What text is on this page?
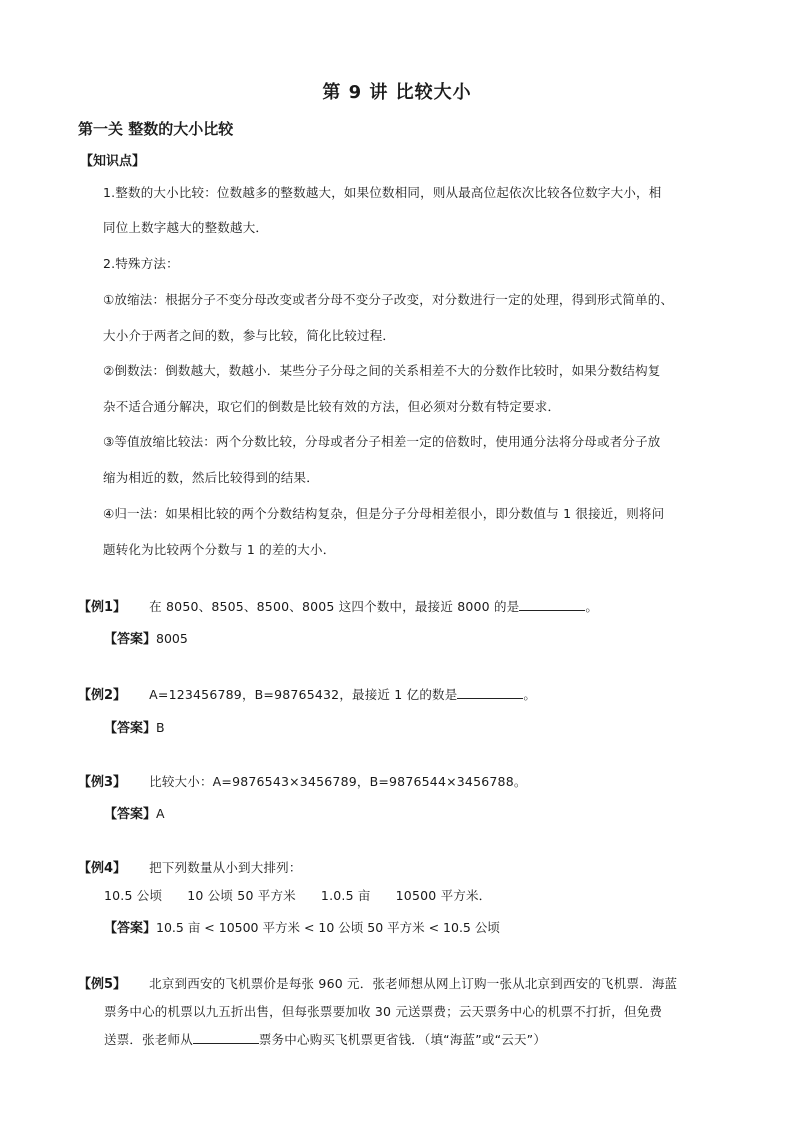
第 9 讲 比较大小
第一关 整数的大小比较
【知识点】
1.整数的大小比较：位数越多的整数越大，如果位数相同，则从最高位起依次比较各位数字大小，相
同位上数字越大的整数越大．
2.特殊方法：
①放缩法：根据分子不变分母改变或者分母不变分子改变，对分数进行一定的处理，得到形式简单的、
大小介于两者之间的数，参与比较，简化比较过程．
②倒数法：倒数越大，数越小．某些分子分母之间的关系相差不大的分数作比较时，如果分数结构复
杂不适合通分解决，取它们的倒数是比较有效的方法，但必须对分数有特定要求．
③等值放缩比较法：两个分数比较，分母或者分子相差一定的倍数时，使用通分法将分母或者分子放
缩为相近的数，然后比较得到的结果．
④归一法：如果相比较的两个分数结构复杂，但是分子分母相差很小，即分数值与 1 很接近，则将问
题转化为比较两个分数与 1 的差的大小．
【例1】 在 8050、8505、8500、8005 这四个数中，最接近 8000 的是	。
【答案】8005
【例2】 A=123456789，B=98765432，最接近 1 亿的数是	。
【答案】B
【例3】 比较大小：A=9876543×3456789，B=9876544×3456788。
【答案】A
【例4】 把下列数量从小到大排列：
10.5 公顷      10 公顷 50 平方米      1.0.5 亩      10500 平方米．
【答案】10.5 亩 < 10500 平方米 < 10 公顷 50 平方米 < 10.5 公顷
【例5】 北京到西安的飞机票价是每张 960 元．张老师想从网上订购一张从北京到西安的飞机票．海蓝
票务中心的机票以九五折出售，但每张票要加收 30 元送票费；云天票务中心的机票不打折，但免费
送票．张老师从	票务中心购买飞机票更省钱．（填“海蓝”或“云天”）
